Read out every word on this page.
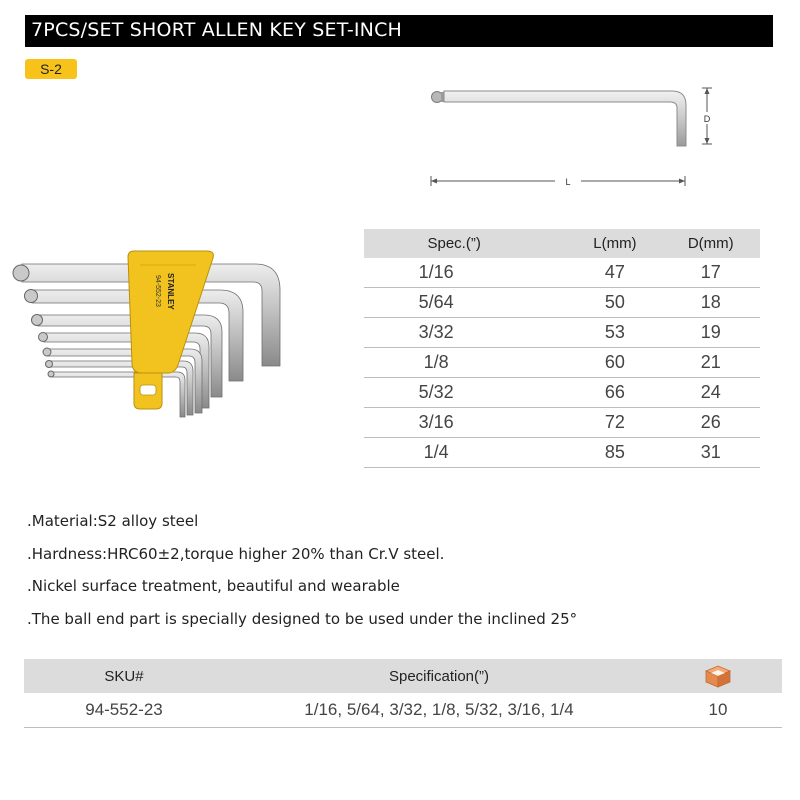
7PCS/SET SHORT ALLEN KEY SET-INCH
S-2
D
L
STANLEY
94-552-23
Spec.(”)	L(mm)	D(mm)
1/16	47	17
5/64	50	18
3/32	53	19
1/8	60	21
5/32	66	24
3/16	72	26
1/4	85	31
.Material:S2 alloy steel
.Hardness:HRC60±2,torque higher 20% than Cr.V steel.
.Nickel surface treatment, beautiful and wearable
.The ball end part is specially designed to be used under the inclined 25°
SKU#	Specification(”)	
94-552-23	1/16, 5/64, 3/32, 1/8, 5/32, 3/16, 1/4	10
